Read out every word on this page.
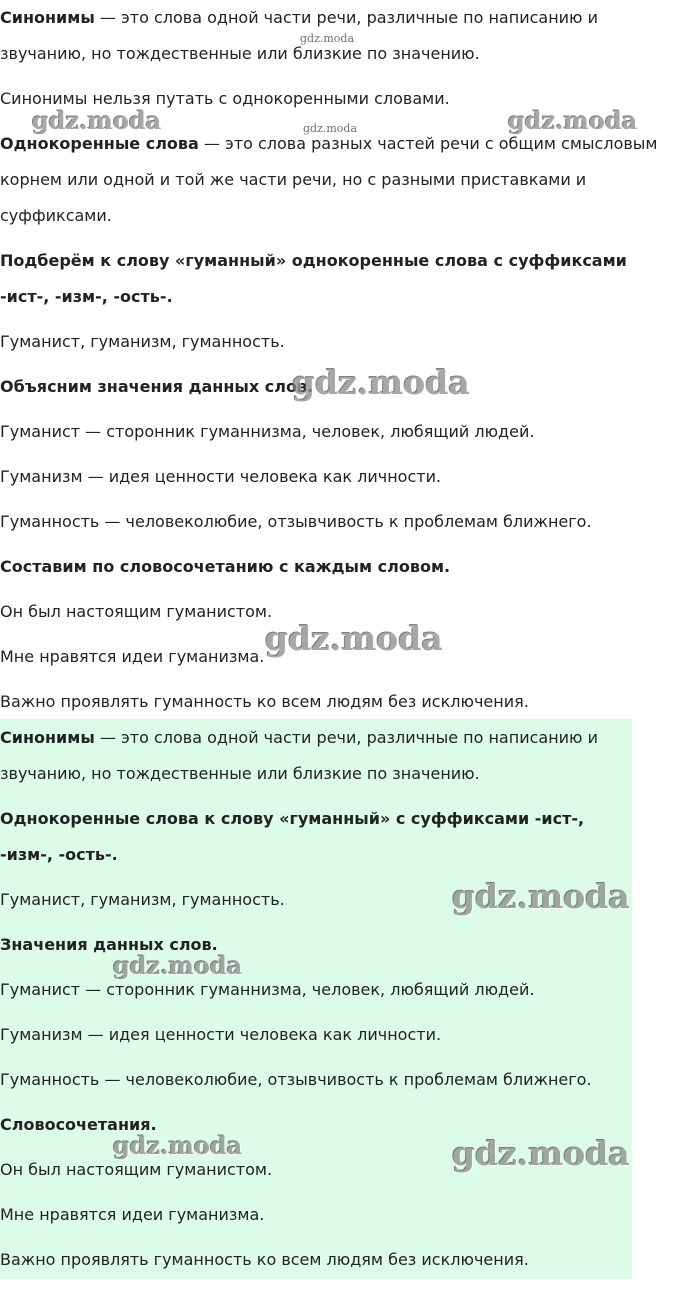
Синонимы — это слова одной части речи, различные по написанию и звучанию, но тождественные или близкие по значению.

Синонимы нельзя путать с однокоренными словами.

Однокоренные слова — это слова разных частей речи с общим смысловым корнем или одной и той же части речи, но с разными приставками и суффиксами.

Подберём к слову «гуманный» однокоренные слова с суффиксами -ист-, -изм-, -ость-.

Гуманист, гуманизм, гуманность.

Объясним значения данных слов.

Гуманист — сторонник гуманнизма, человек, любящий людей.

Гуманизм — идея ценности человека как личности.

Гуманность — человеколюбие, отзывчивость к проблемам ближнего.

Составим по словосочетанию с каждым словом.

Он был настоящим гуманистом.

Мне нравятся идеи гуманизма.

Важно проявлять гуманность ко всем людям без исключения.

Синонимы — это слова одной части речи, различные по написанию и звучанию, но тождественные или близкие по значению.

Однокоренные слова к слову «гуманный» с суффиксами -ист-, -изм-, -ость-.

Гуманист, гуманизм, гуманность.

Значения данных слов.

Гуманист — сторонник гуманнизма, человек, любящий людей.

Гуманизм — идея ценности человека как личности.

Гуманность — человеколюбие, отзывчивость к проблемам ближнего.

Словосочетания.

Он был настоящим гуманистом.

Мне нравятся идеи гуманизма.

Важно проявлять гуманность ко всем людям без исключения.

gdz.moda
gdz.moda
gdz.moda	gdz.moda
gdz.moda
gdz.moda
gdz.moda
gdz.moda
gdz.moda	gdz.moda
